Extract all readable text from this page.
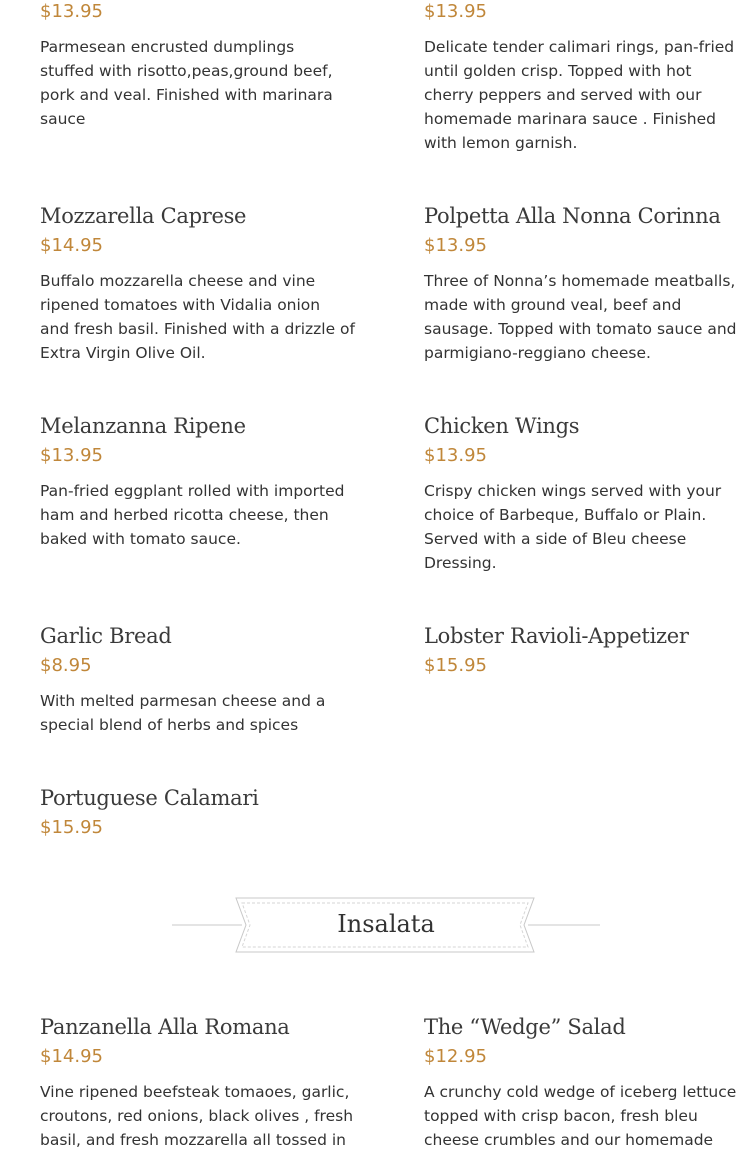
$13.95
Parmesean encrusted dumplings
stuffed with risotto,peas,ground beef,
pork and veal. Finished with marinara
sauce
$13.95
Delicate tender calimari rings, pan-fried
until golden crisp. Topped with hot
cherry peppers and served with our
homemade marinara sauce . Finished
with lemon garnish.
Mozzarella Caprese
$14.95
Buffalo mozzarella cheese and vine
ripened tomatoes with Vidalia onion
and fresh basil. Finished with a drizzle of
Extra Virgin Olive Oil.
Polpetta Alla Nonna Corinna
$13.95
Three of Nonna’s homemade meatballs,
made with ground veal, beef and
sausage. Topped with tomato sauce and
parmigiano-reggiano cheese.
Melanzanna Ripene
$13.95
Pan-fried eggplant rolled with imported
ham and herbed ricotta cheese, then
baked with tomato sauce.
Chicken Wings
$13.95
Crispy chicken wings served with your
choice of Barbeque, Buffalo or Plain.
Served with a side of Bleu cheese
Dressing.
Garlic Bread
$8.95
With melted parmesan cheese and a
special blend of herbs and spices
Lobster Ravioli-Appetizer
$15.95
Portuguese Calamari
$15.95
Insalata
Panzanella Alla Romana
$14.95
Vine ripened beefsteak tomaoes, garlic,
croutons, red onions, black olives , fresh
basil, and fresh mozzarella all tossed in
The “Wedge” Salad
$12.95
A crunchy cold wedge of iceberg lettuce
topped with crisp bacon, fresh bleu
cheese crumbles and our homemade
